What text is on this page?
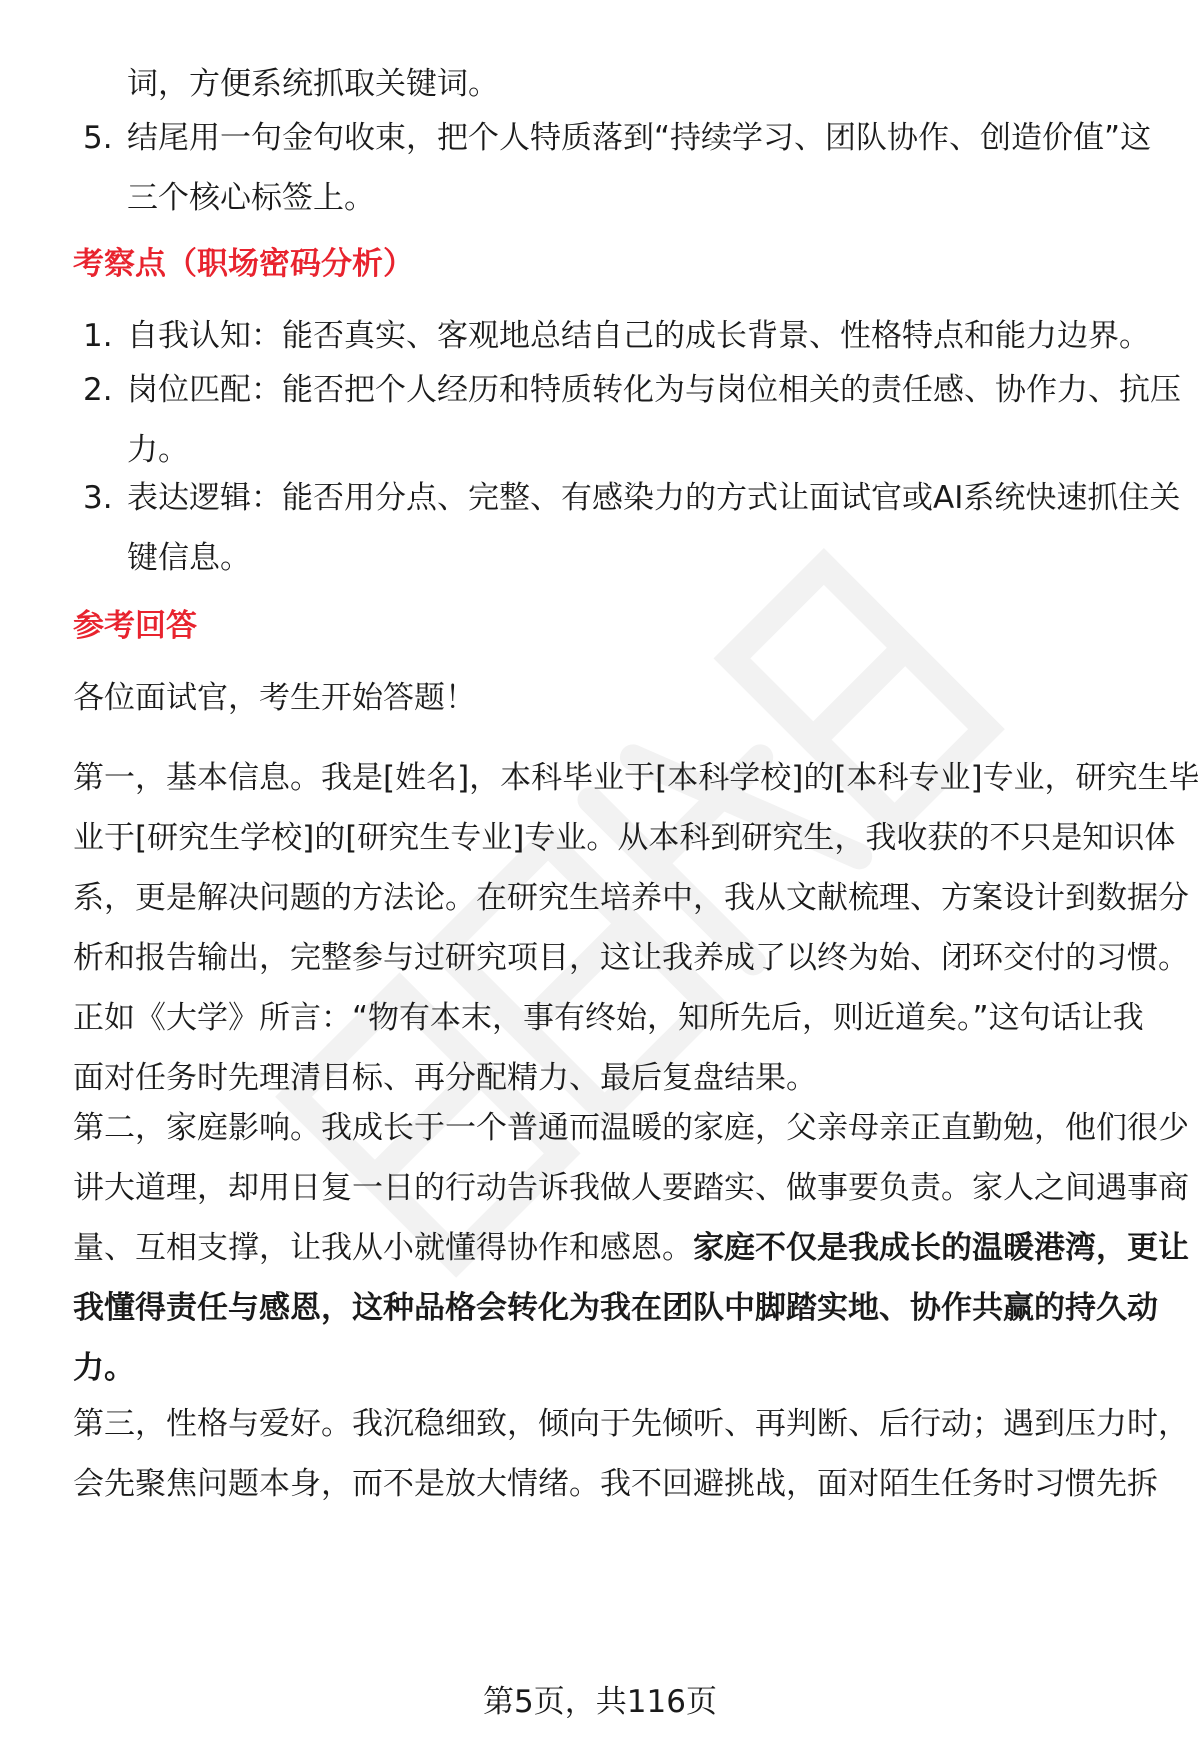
词，方便系统抓取关键词。
5. 结尾用一句金句收束，把个人特质落到“持续学习、团队协作、创造价值”这
三个核心标签上。
考察点（职场密码分析）
1. 自我认知：能否真实、客观地总结自己的成长背景、性格特点和能力边界。
2. 岗位匹配：能否把个人经历和特质转化为与岗位相关的责任感、协作力、抗压
力。
3. 表达逻辑：能否用分点、完整、有感染力的方式让面试官或AI系统快速抓住关
键信息。
参考回答
各位面试官，考生开始答题！
第一，基本信息。我是[姓名]，本科毕业于[本科学校]的[本科专业]专业，研究生毕
业于[研究生学校]的[研究生专业]专业。从本科到研究生，我收获的不只是知识体
系，更是解决问题的方法论。在研究生培养中，我从文献梳理、方案设计到数据分
析和报告输出，完整参与过研究项目，这让我养成了以终为始、闭环交付的习惯。
正如《大学》所言：“物有本末，事有终始，知所先后，则近道矣。”这句话让我
面对任务时先理清目标、再分配精力、最后复盘结果。
第二，家庭影响。我成长于一个普通而温暖的家庭，父亲母亲正直勤勉，他们很少
讲大道理，却用日复一日的行动告诉我做人要踏实、做事要负责。家人之间遇事商
量、互相支撑，让我从小就懂得协作和感恩。家庭不仅是我成长的温暖港湾，更让
我懂得责任与感恩，这种品格会转化为我在团队中脚踏实地、协作共赢的持久动
力。
第三，性格与爱好。我沉稳细致，倾向于先倾听、再判断、后行动；遇到压力时，
会先聚焦问题本身，而不是放大情绪。我不回避挑战，面对陌生任务时习惯先拆
第5页，共116页
